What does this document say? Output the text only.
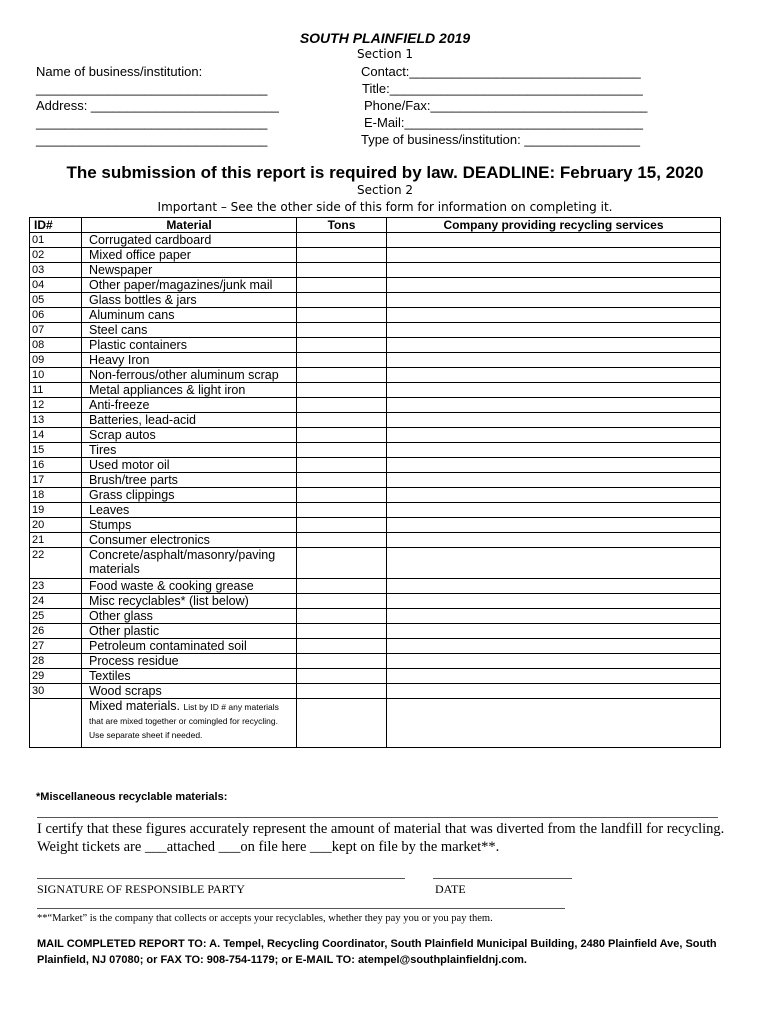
SOUTH PLAINFIELD 2019
Section 1
Name of business/institution:
________________________________
Address: __________________________
________________________________
________________________________
Contact:________________________________
Title:___________________________________
Phone/Fax:______________________________
E-Mail:_________________________________
Type of business/institution: ________________
The submission of this report is required by law. DEADLINE: February 15, 2020
Section 2
Important – See the other side of this form for information on completing it.
ID#	Material	Tons	Company providing recycling services
01	Corrugated cardboard		
02	Mixed office paper		
03	Newspaper		
04	Other paper/magazines/junk mail		
05	Glass bottles & jars		
06	Aluminum cans		
07	Steel cans		
08	Plastic containers		
09	Heavy Iron		
10	Non-ferrous/other aluminum scrap		
11	Metal appliances & light iron		
12	Anti-freeze		
13	Batteries, lead-acid		
14	Scrap autos		
15	Tires		
16	Used motor oil		
17	Brush/tree parts		
18	Grass clippings		
19	Leaves		
20	Stumps		
21	Consumer electronics		
22	Concrete/asphalt/masonry/paving materials		
23	Food waste & cooking grease		
24	Misc recyclables* (list below)		
25	Other glass		
26	Other plastic		
27	Petroleum contaminated soil		
28	Process residue		
29	Textiles		
30	Wood scraps		
	Mixed materials. List by ID # any materials that are mixed together or comingled for recycling. Use separate sheet if needed.		
*Miscellaneous recyclable materials:
I certify that these figures accurately represent the amount of material that was diverted from the landfill for recycling. Weight tickets are ___attached ___on file here ___kept on file by the market**.
SIGNATURE OF RESPONSIBLE PARTY	DATE
**“Market” is the company that collects or accepts your recyclables, whether they pay you or you pay them.
MAIL COMPLETED REPORT TO: A. Tempel, Recycling Coordinator, South Plainfield Municipal Building, 2480 Plainfield Ave, South Plainfield, NJ 07080; or FAX TO: 908-754-1179; or E-MAIL TO: atempel@southplainfieldnj.com.
